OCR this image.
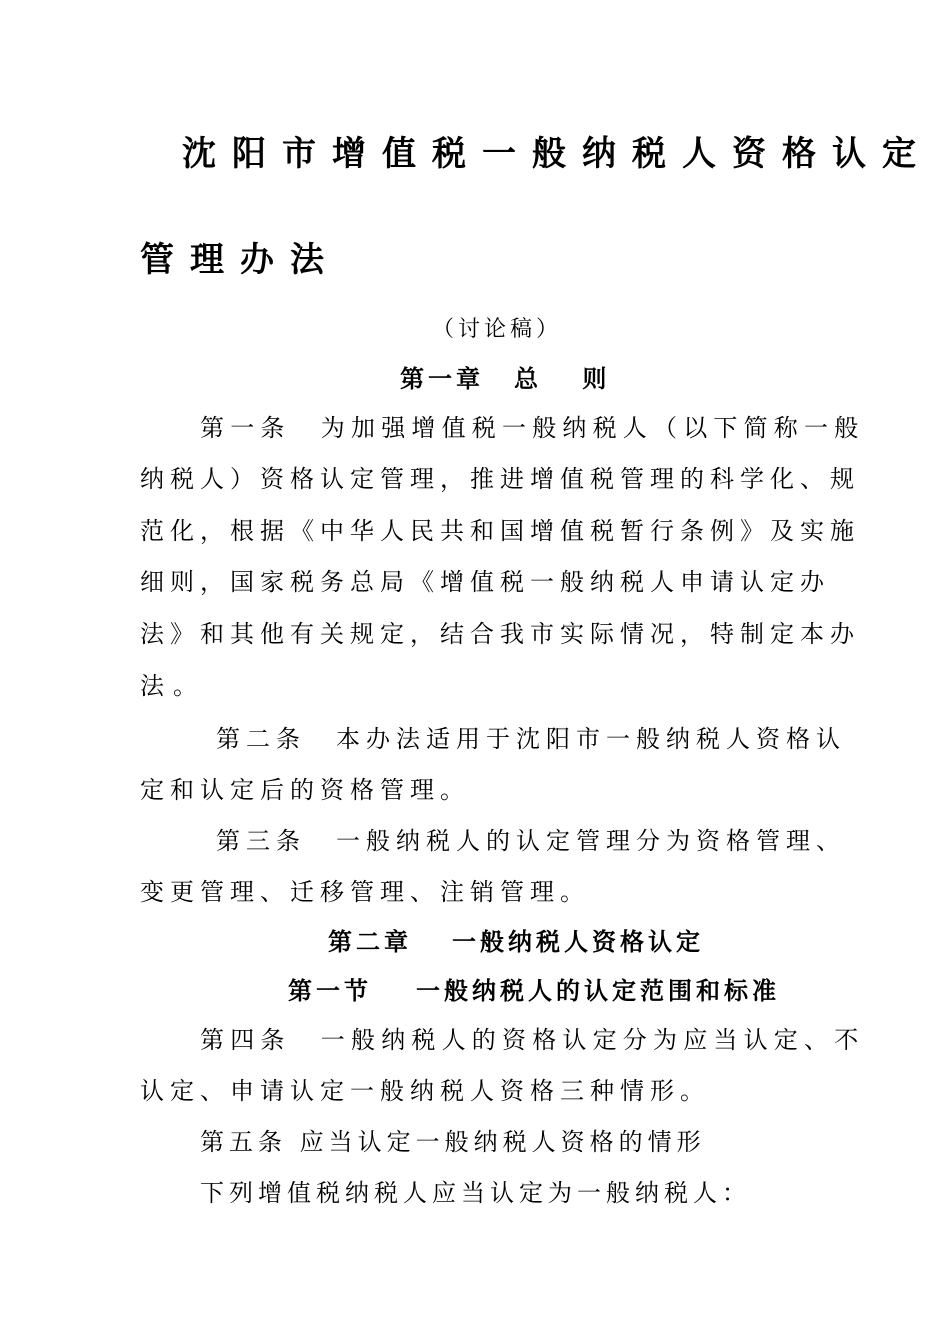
沈阳市增值税一般纳税人资格认定
管理办法
（讨论稿）
第一章 总　 则
第一条　为加强增值税一般纳税人（以下简称一般
纳税人）资格认定管理，推进增值税管理的科学化、规
范化，根据《中华人民共和国增值税暂行条例》及实施
细则，国家税务总局《增值税一般纳税人申请认定办
法》和其他有关规定，结合我市实际情况，特制定本办
法。
第二条　本办法适用于沈阳市一般纳税人资格认
定和认定后的资格管理。
第三条　一般纳税人的认定管理分为资格管理、
变更管理、迁移管理、注销管理。
第二章 一般纳税人资格认定
第一节 一般纳税人的认定范围和标准
第四条　一般纳税人的资格认定分为应当认定、不
认定、申请认定一般纳税人资格三种情形。
第五条 应当认定一般纳税人资格的情形
下列增值税纳税人应当认定为一般纳税人：
